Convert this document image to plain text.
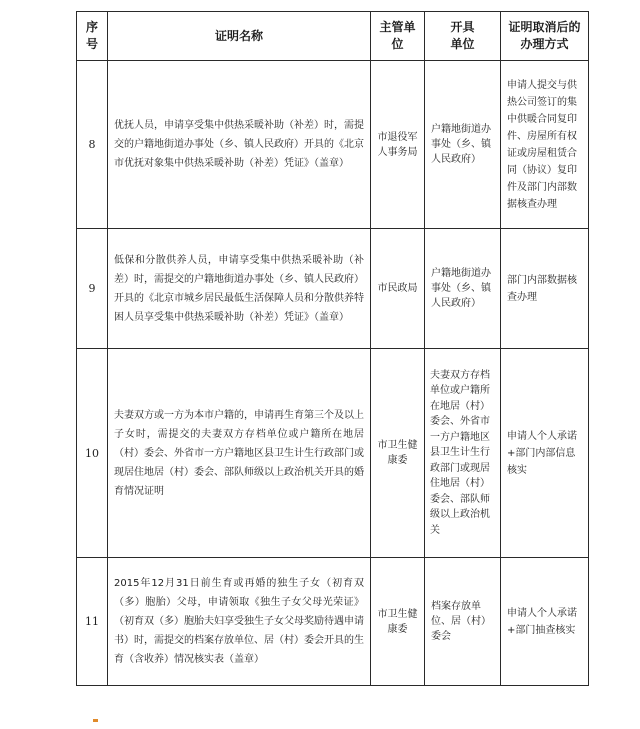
序号	证明名称	主管单位	开具单位	证明取消后的办理方式
8	优抚人员，申请享受集中供热采暖补助（补差）时，需提交的户籍地街道办事处（乡、镇人民政府）开具的《北京市优抚对象集中供热采暖补助（补差）凭证》（盖章）	市退役军人事务局	户籍地街道办事处（乡、镇人民政府）	申请人提交与供热公司签订的集中供暖合同复印件、房屋所有权证或房屋租赁合同（协议）复印件及部门内部数据核查办理
9	低保和分散供养人员，申请享受集中供热采暖补助（补差）时，需提交的户籍地街道办事处（乡、镇人民政府）开具的《北京市城乡居民最低生活保障人员和分散供养特困人员享受集中供热采暖补助（补差）凭证》（盖章）	市民政局	户籍地街道办事处（乡、镇人民政府）	部门内部数据核查办理
10	夫妻双方或一方为本市户籍的，申请再生育第三个及以上子女时，需提交的夫妻双方存档单位或户籍所在地居（村）委会、外省市一方户籍地区县卫生计生行政部门或现居住地居（村）委会、部队师级以上政治机关开具的婚育情况证明	市卫生健康委	夫妻双方存档单位或户籍所在地居（村）委会、外省市一方户籍地区县卫生计生行政部门或现居住地居（村）委会、部队师级以上政治机关	申请人个人承诺+部门内部信息核实
11	2015年12月31日前生育或再婚的独生子女（初育双（多）胞胎）父母，申请领取《独生子女父母光荣证》（初育双（多）胞胎夫妇享受独生子女父母奖励待遇申请书）时，需提交的档案存放单位、居（村）委会开具的生育（含收养）情况核实表（盖章）	市卫生健康委	档案存放单位、居（村）委会	申请人个人承诺+部门抽查核实
